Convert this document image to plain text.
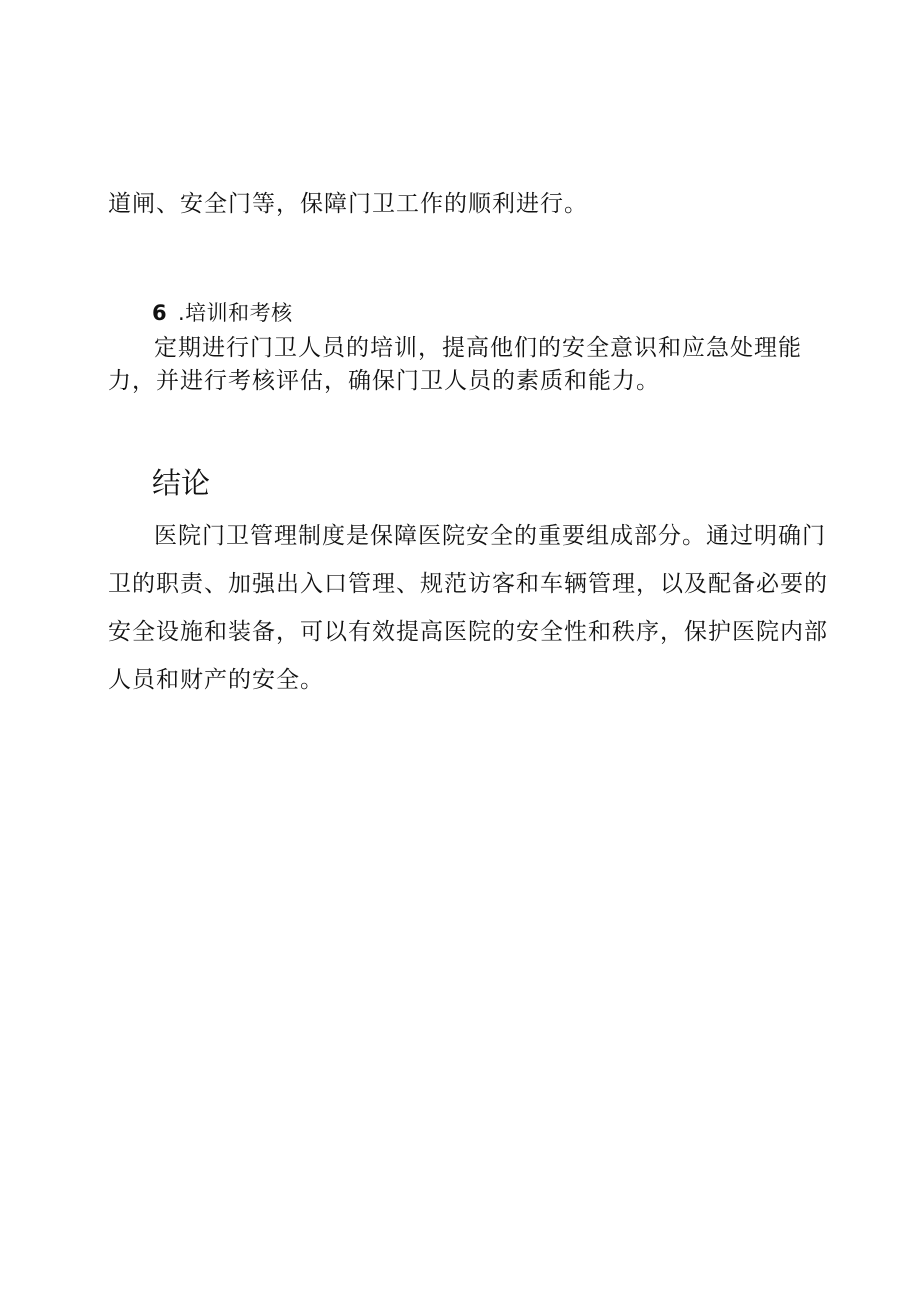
道闸、安全门等，保障门卫工作的顺利进行。
6 .培训和考核
定期进行门卫人员的培训，提高他们的安全意识和应急处理能
力，并进行考核评估，确保门卫人员的素质和能力。
结论
医院门卫管理制度是保障医院安全的重要组成部分。通过明确门
卫的职责、加强出入口管理、规范访客和车辆管理，以及配备必要的
安全设施和装备，可以有效提高医院的安全性和秩序，保护医院内部
人员和财产的安全。
